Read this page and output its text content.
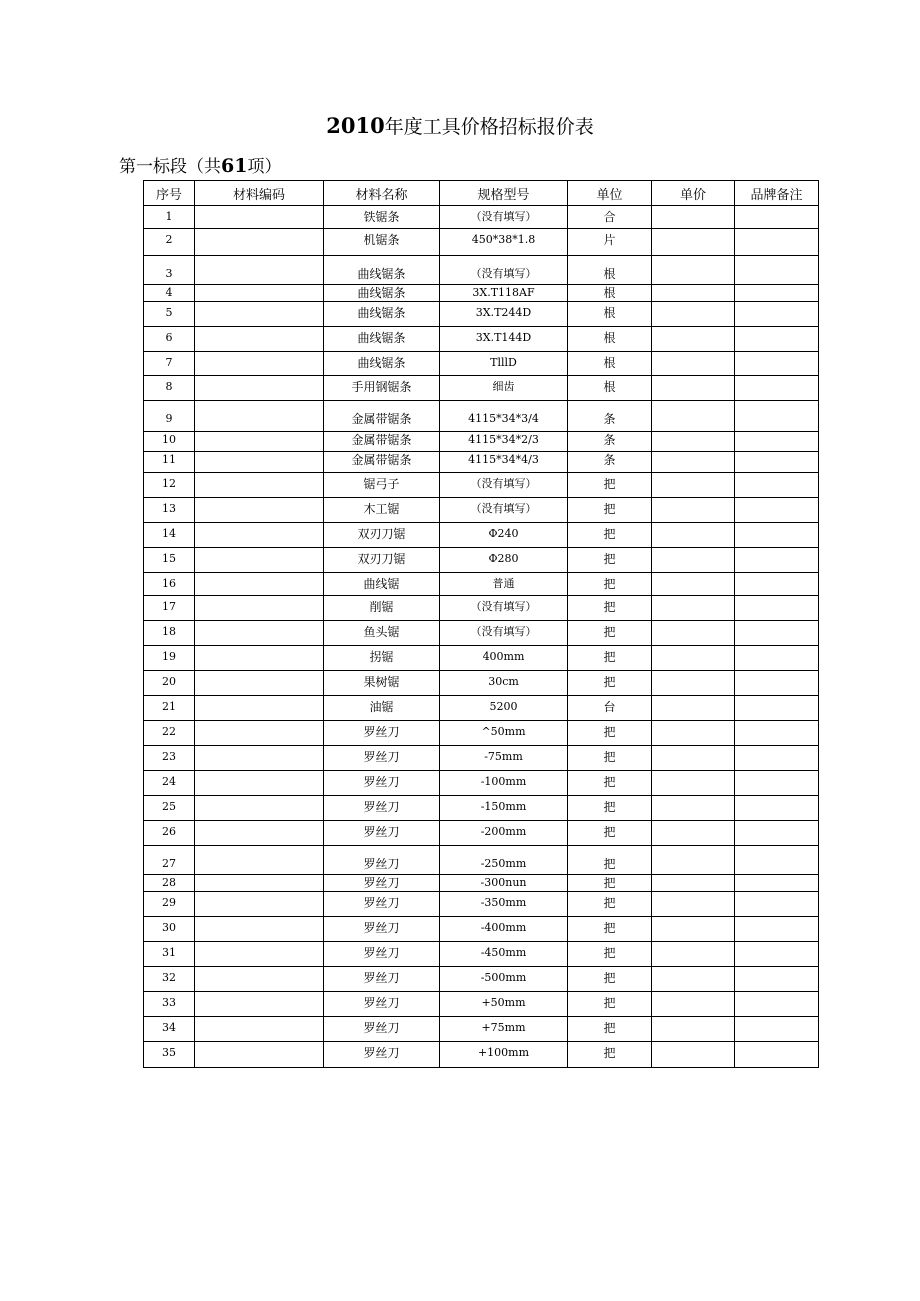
2010年度工具价格招标报价表
第一标段（共61项）
序号	材料编码	材料名称	规格型号	单位	单价	品牌备注
1		铁锯条	（没有填写）	合		
2		机锯条	450*38*1.8	片		
3		曲线锯条	（没有填写）	根		
4		曲线锯条	3X.T118AF	根		
5		曲线锯条	3X.T244D	根		
6		曲线锯条	3X.T144D	根		
7		曲线锯条	TlllD	根		
8		手用钢锯条	细齿	根		
9		金属带锯条	4115*34*3/4	条		
10		金属带锯条	4115*34*2/3	条		
11		金属带锯条	4115*34*4/3	条		
12		锯弓子	（没有填写）	把		
13		木工锯	（没有填写）	把		
14		双刃刀锯	Φ240	把		
15		双刃刀锯	Φ280	把		
16		曲线锯	普通	把		
17		削锯	（没有填写）	把		
18		鱼头锯	（没有填写）	把		
19		拐锯	400mm	把		
20		果树锯	30cm	把		
21		油锯	5200	台		
22		罗丝刀	^50mm	把		
23		罗丝刀	-75mm	把		
24		罗丝刀	-100mm	把		
25		罗丝刀	-150mm	把		
26		罗丝刀	-200mm	把		
27		罗丝刀	-250mm	把		
28		罗丝刀	-300nun	把		
29		罗丝刀	-350mm	把		
30		罗丝刀	-400mm	把		
31		罗丝刀	-450mm	把		
32		罗丝刀	-500mm	把		
33		罗丝刀	+50mm	把		
34		罗丝刀	+75mm	把		
35		罗丝刀	+100mm	把		
